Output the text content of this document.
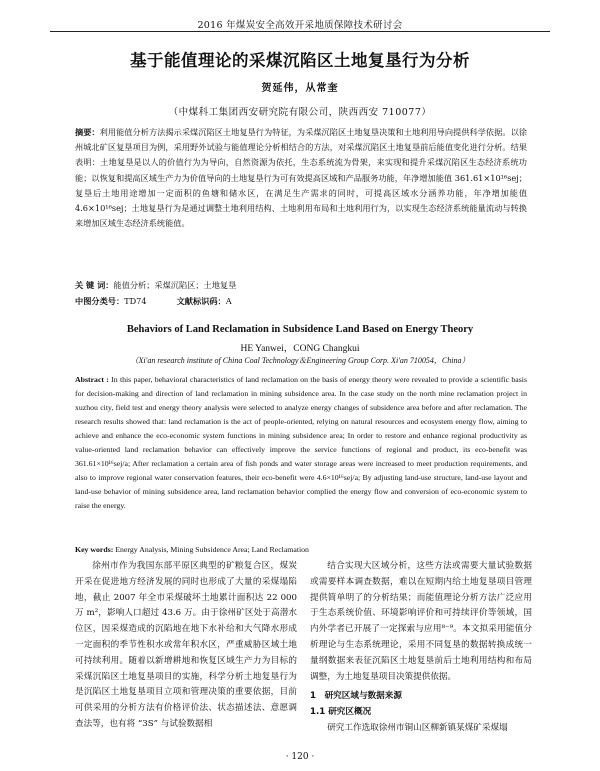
2016 年煤炭安全高效开采地质保障技术研讨会
基于能值理论的采煤沉陷区土地复垦行为分析
贺延伟，从常奎
（中煤科工集团西安研究院有限公司，陕西西安 710077）
摘要：利用能值分析方法揭示采煤沉陷区土地复垦行为特征，为采煤沉陷区土地复垦决策和土地利用导向提供科学依据。以徐州城北矿区复垦项目为例，采用野外试验与能值理论分析相结合的方法，对采煤沉陷区土地复垦前后能值变化进行分析。结果表明：土地复垦是以人的价值行为为导向，自然资源为依托，生态系统流为骨架，来实现和提升采煤沉陷区生态经济系统功能；以恢复和提高区域生产力为价值导向的土地复垦行为可有效提高区域和产品服务功能，年净增加能值 361.61×10¹⁶sej；复垦后土地用途增加一定面积的鱼塘和储水区，在满足生产需求的同时，可提高区域水分涵养功能，年净增加能值 4.6×10¹⁶sej；土地复垦行为是通过调整土地利用结构、土地利用布局和土地利用行为，以实现生态经济系统能量流动与转换来增加区域生态经济系统能值。
关 键 词：能值分析；采煤沉陷区；土地复垦
中图分类号：TD74	文献标识码：A
Behaviors of Land Reclamation in Subsidence Land Based on Energy Theory
HE Yanwei，CONG Changkui
（Xi'an research institute of China Coal Technology＆Engineering Group Corp. Xi'an 710054，China）
Abstract : In this paper, behavioral characteristics of land reclamation on the basis of energy theory were revealed to provide a scientific basis for decision-making and direction of land reclamation in mining subsidence area. In the case study on the north mine reclamation project in xuzhou city, field test and energy theory analysis were selected to analyze energy changes of subsidence area before and after reclamation. The research results showed that: land reclamation is the act of people-oriented, relying on natural resources and ecosystem energy flow, aiming to achieve and enhance the eco-economic system functions in mining subsidence area; In order to restore and enhance regional productivity as value-oriented land reclamation behavior can effectively improve the service functions of regional and product, its eco-benefit was 361.61×10¹⁶sej/a; After reclamation a certain area of fish ponds and water storage areas were increased to meet production requirements, and also to improve regional water conservation features, their eco-benefit were 4.6×10¹⁶sej/a; By adjusting land-use structure, land-use layout and land-use behavior of mining subsidence area, land reclamation behavior complied the energy flow and conversion of eco-economic system to raise the energy.
Key words: Energy Analysis, Mining Subsidence Area; Land Reclamation

徐州市作为我国东部平原区典型的矿粮复合区，煤炭开采在促进地方经济发展的同时也形成了大量的采煤塌陷地，截止 2007 年全市采煤破坏土地累计面积达 22 000 万 m²，影响人口超过 43.6 万。由于徐州矿区处于高潜水位区，因采煤造成的沉陷地在地下水补给和大气降水形成一定面积的季节性积水或常年积水区，严重威胁区域土地可持续利用。随着以新增耕地和恢复区域生产力为目标的采煤沉陷区土地复垦项目的实施，科学分析土地复垦行为是沉陷区土地复垦项目立项和管理决策的重要依据，目前可供采用的分析方法有价格评价法、状态描述法、意愿调查法等，也有将 “3S” 与试验数据相

结合实现大区域分析，这些方法或需要大量试验数据或需要样本调查数据，难以在短期内给土地复垦项目管理提供简单明了的分析结果；而能值理论分析方法广泛应用于生态系统价值、环境影响评价和可持续评价等领域，国内外学者已开展了一定探索与应用⁸⁻⁹。本文拟采用能值分析理论与生态系统理论，采用不同复垦的数据转换成统一量纲数据来表征沉陷区土地复垦前后土地利用结构和布局调整，为土地复垦项目决策提供依据。

1　研究区域与数据来源

1.1 研究区概况

研究工作选取徐州市铜山区柳新镇某煤矿采煤塌

· 120 ·
